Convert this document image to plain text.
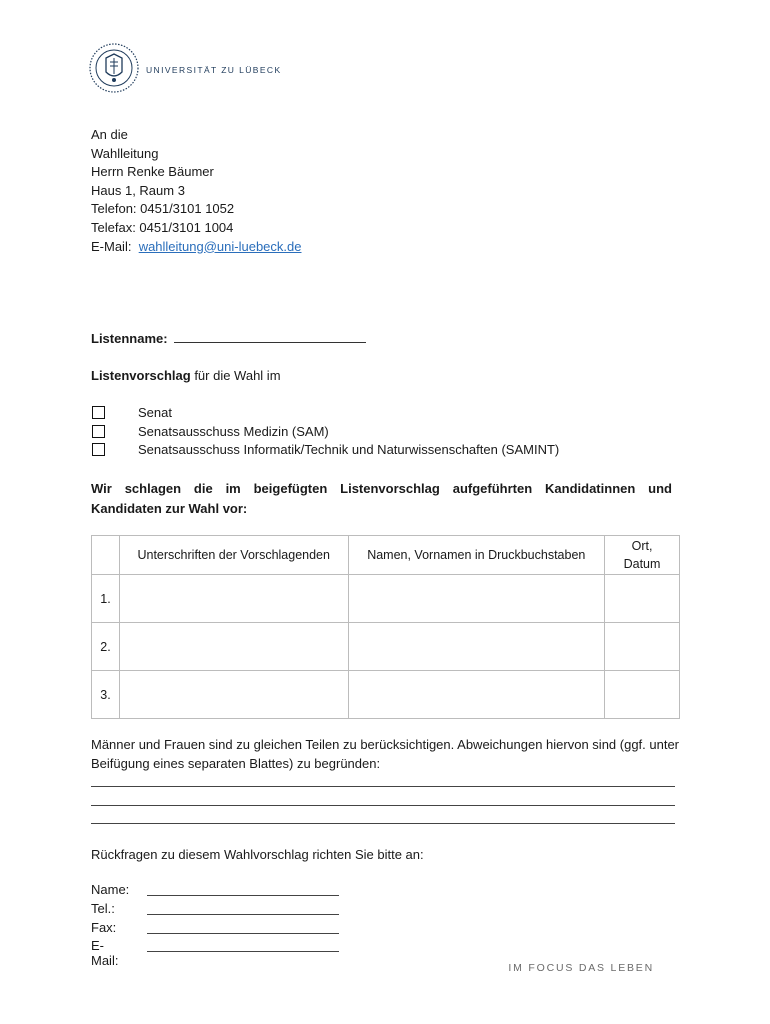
UNIVERSITÄT ZU LÜBECK
An die
Wahlleitung
Herrn Renke Bäumer
Haus 1, Raum 3
Telefon: 0451/3101 1052
Telefax: 0451/3101 1004
E-Mail: wahlleitung@uni-luebeck.de
Listenname:
Listenvorschlag für die Wahl im
Senat
Senatsausschuss Medizin (SAM)
Senatsausschuss Informatik/Technik und Naturwissenschaften (SAMINT)
Wir schlagen die im beigefügten Listenvorschlag aufgeführten Kandidatinnen und Kandidaten zur Wahl vor:
	Unterschriften der Vorschlagenden	Namen, Vornamen in Druckbuchstaben	Ort, Datum
1.			
2.			
3.			
Männer und Frauen sind zu gleichen Teilen zu berücksichtigen. Abweichungen hiervon sind (ggf. unter Beifügung eines separaten Blattes) zu begründen:
Rückfragen zu diesem Wahlvorschlag richten Sie bitte an:
Name:
Tel.:
Fax:
E-Mail:	IM FOCUS DAS LEBEN
